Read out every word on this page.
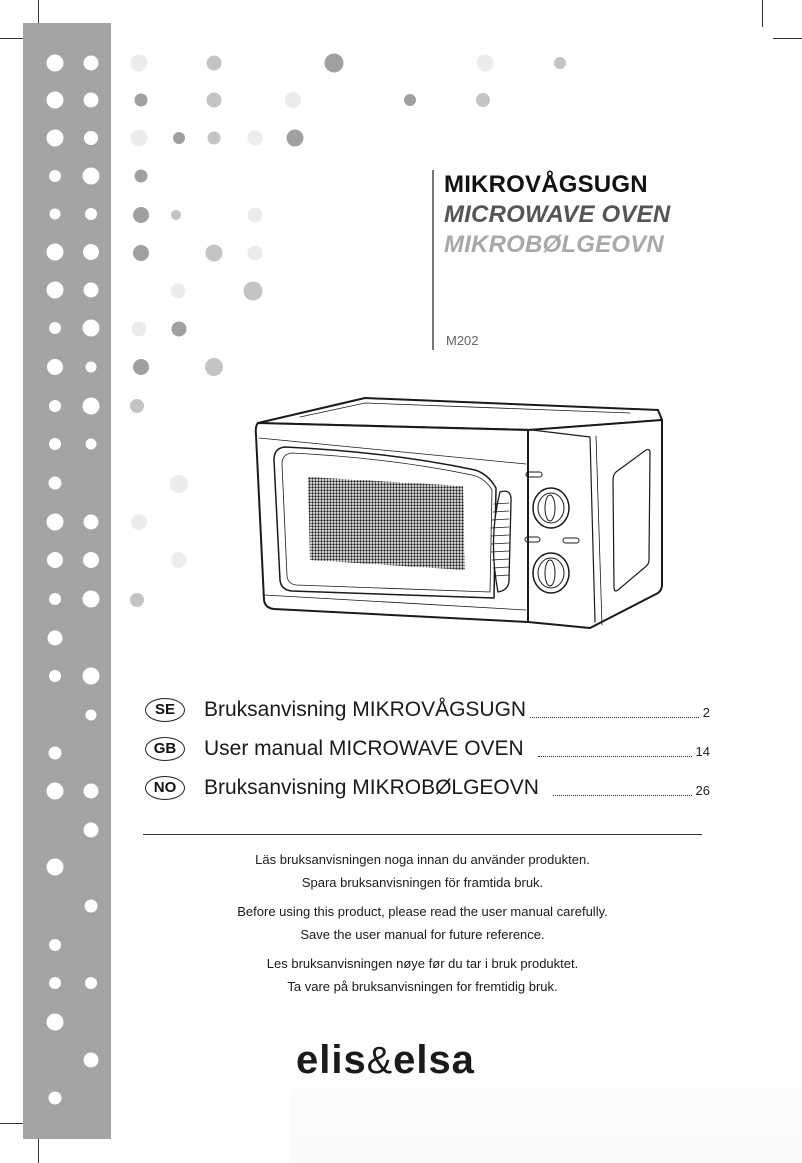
MIKROVÅGSUGN
MICROWAVE OVEN
MIKROBØLGEOVN
M202
SE	Bruksanvisning MIKROVÅGSUGN	2
GB	User manual MICROWAVE OVEN	14
NO	Bruksanvisning MIKROBØLGEOVN	26

Läs bruksanvisningen noga innan du använder produkten.
Spara bruksanvisningen för framtida bruk.

Before using this product, please read the user manual carefully.
Save the user manual for future reference.

Les bruksanvisningen nøye før du tar i bruk produktet.
Ta vare på bruksanvisningen for fremtidig bruk.

elis&elsa
